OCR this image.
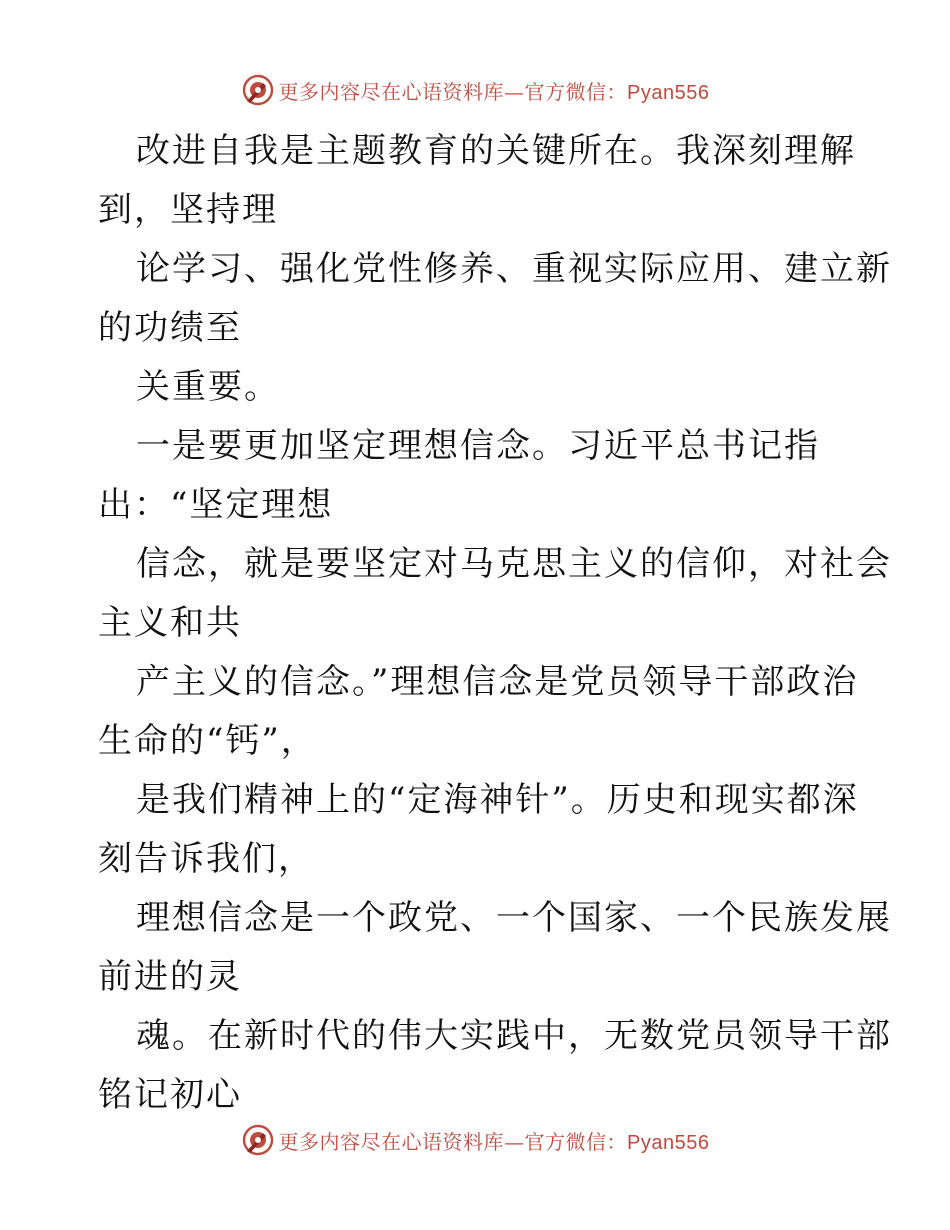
更多内容尽在心语资料库—官方微信：Pyan556

改进自我是主题教育的关键所在。我深刻理解

到，坚持理

论学习、强化党性修养、重视实际应用、建立新

的功绩至

关重要。

一是要更加坚定理想信念。习近平总书记指

出：“坚定理想

信念，就是要坚定对马克思主义的信仰，对社会

主义和共

产主义的信念。”理想信念是党员领导干部政治

生命的“钙”，

是我们精神上的“定海神针”。历史和现实都深

刻告诉我们，

理想信念是一个政党、一个国家、一个民族发展

前进的灵

魂。在新时代的伟大实践中，无数党员领导干部

铭记初心

更多内容尽在心语资料库—官方微信：Pyan556
